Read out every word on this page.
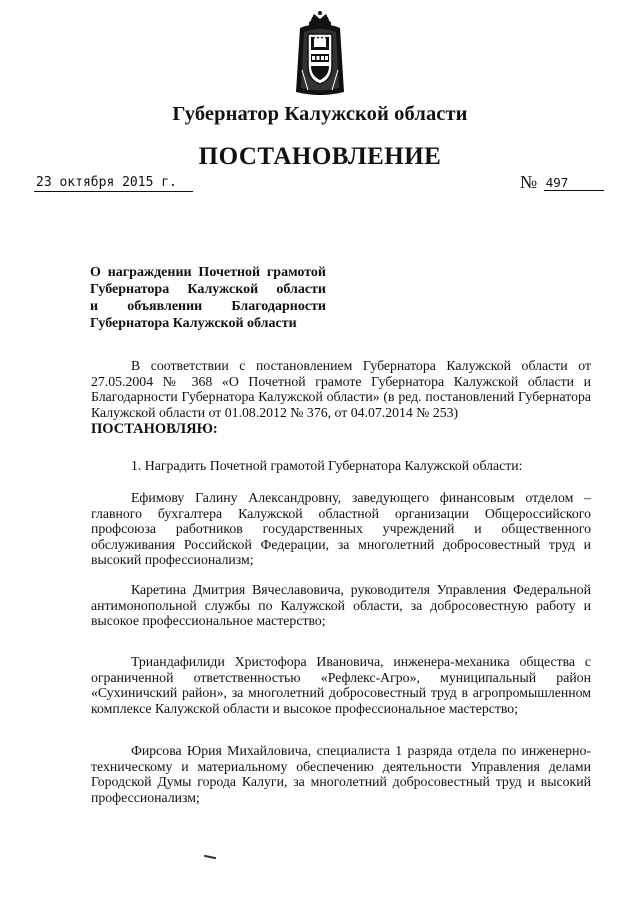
Губернатор Калужской области
ПОСТАНОВЛЕНИЕ
23 октября 2015 г.	№ 497

О награждении Почетной грамотой
Губернатора Калужской области
и объявлении Благодарности
Губернатора Калужской области

В соответствии с постановлением Губернатора Калужской области от 27.05.2004 № 368 «О Почетной грамоте Губернатора Калужской области и Благодарности Губернатора Калужской области» (в ред. постановлений Губернатора Калужской области от 01.08.2012 № 376, от 04.07.2014 № 253)

ПОСТАНОВЛЯЮ:

1. Наградить Почетной грамотой Губернатора Калужской области:

Ефимову Галину Александровну, заведующего финансовым отделом – главного бухгалтера Калужской областной организации Общероссийского профсоюза работников государственных учреждений и общественного обслуживания Российской Федерации, за многолетний добросовестный труд и высокий профессионализм;

Каретина Дмитрия Вячеславовича, руководителя Управления Федеральной антимонопольной службы по Калужской области, за добросовестную работу и высокое профессиональное мастерство;

Триандафилиди Христофора Ивановича, инженера-механика общества с ограниченной ответственностью «Рефлекс-Агро», муниципальный район «Сухиничский район», за многолетний добросовестный труд в агропромышленном комплексе Калужской области и высокое профессиональное мастерство;

Фирсова Юрия Михайловича, специалиста 1 разряда отдела по инженерно-техническому и материальному обеспечению деятельности Управления делами Городской Думы города Калуги, за многолетний добросовестный труд и высокий профессионализм;
